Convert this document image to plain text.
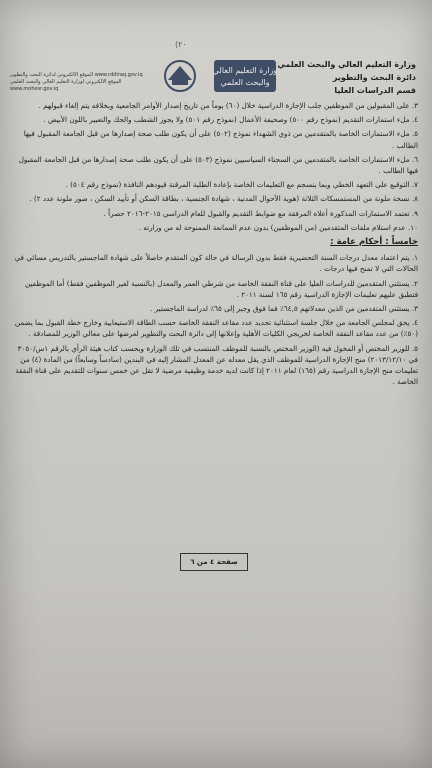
(٢٠
وزارة التعليم العالي والبحث العلمي
دائرة البحث والتطوير
قسم الدراسات العليا
وزارة التعليم العالي
والبحث العلمي
الموقع الالكتروني لدائرة البحث والتطوير www.rddiraq.gov.iq
الموقع الالكتروني لوزارة التعليم العالي والبحث العلمي www.mohesr.gov.iq

٣. على المقبولين من الموظفين جلب الإجازة الدراسية خلال (٦٠) يوماً من تاريخ إصدار الأوامر الجامعية وبخلافه يتم إلغاء قبولهم .

٤. ملء استمارات التقديم (نموذج رقم ٥٠٠) وصحيفة الأعمال (نموذج رقم ٥٠١) ولا يجوز الشطب والحك والتعبير باللون الأبيض .

٥. ملء الاستمارات الخاصة بالمتقدمين من ذوي الشهداء نموذج (٥٠٢) على أن يكون طلب صحة إصدارها من قبل الجامعة المقبول فيها الطالب .

٦. ملء الاستمارات الخاصة بالمتقدمين من السجناء السياسيين نموذج (٥٠٣) على أن يكون طلب صحة إصدارها من قبل الجامعة المقبول فيها الطالب .

٧. التوقيع على التعهد الخطي وبما ينسجم مع التعليمات الخاصة بإعادة الطلبة المرقنة قيودهم النافذة (نموذج رقم ٥٠٤) .

٨. نسخة ملونة من المستمسكات الثلاثة (هوية الأحوال المدنية ، شهادة الجنسية ، بطاقة السكن أو تأييد السكن ، صور ملونة عدد ٢) .

٩. تعتمد الاستمارات المذكورة أعلاه المرفقة مع ضوابط التقديم والقبول للعام الدراسي ٢٠١٥-٢٠١٦ حصراً .

١٠. عدم استلام ملفات المتقدمين (من الموظفين) بدون عدم الممانعة الممنوحة له من وزارته .

خامساً : أحكام عامة :

١. يتم اعتماد معدل درجات السنة التحضيرية فقط بدون الرسالة في حالة كون المتقدم حاصلاً على شهادة الماجستير بالتدريس مسائي في الحالات التي لا تمنح فيها درجات .

٢. يستثني المتقدمين للدراسات العليا على قناة النفقة الخاصة من شرطي العمر والمعدل (بالنسبة لغير الموظفين فقط) أما الموظفين فتطبق عليهم تعليمات الإجازة الدراسية رقم ١٦٥ لسنة ٢٠١١ .

٣. يستثني المتقدمين من الذين معدلاتهم ٦٤,٥٪ فما فوق وجبر إلى ٦٥٪ لدراسة الماجستير .

٤. يحق لمجلس الجامعة من خلال جلسة استثنائية تحديد عدد مقاعد النفقة الخاصة حسب الطاقة الاستيعابية وخارج خطة القبول بما يضمن (٥٠٪) من عدد مقاعد النفقة الخاصة لخريجي الكليات الأهلية وإعلانها إلى دائرة البحث والتطوير لعرضها على معالي الوزير للمصادقة .

٥. للوزير المختص أو المخول فيه (الوزير المختص بالنسبة للموظف المنتسب في تلك الوزارة وبحسب كتاب هيئة الرأي بالرقم ١س/٣٠٥٠ في ٢٠١٣/١٢/١٠) منح الإجازة الدراسية للموظف الذي يقل معدله عن المعدل المشار إليه في البندين (سادساً وسابعاً) من المادة (٤) من تعليمات منح الإجازة الدراسية رقم (١٦٥) لعام ٢٠١١ إذا كانت لديه خدمة وظيفية مرضية لا تقل عن خمس سنوات للتقديم على قناة النفقة الخاصة .

صفحة ٤ من ٦
